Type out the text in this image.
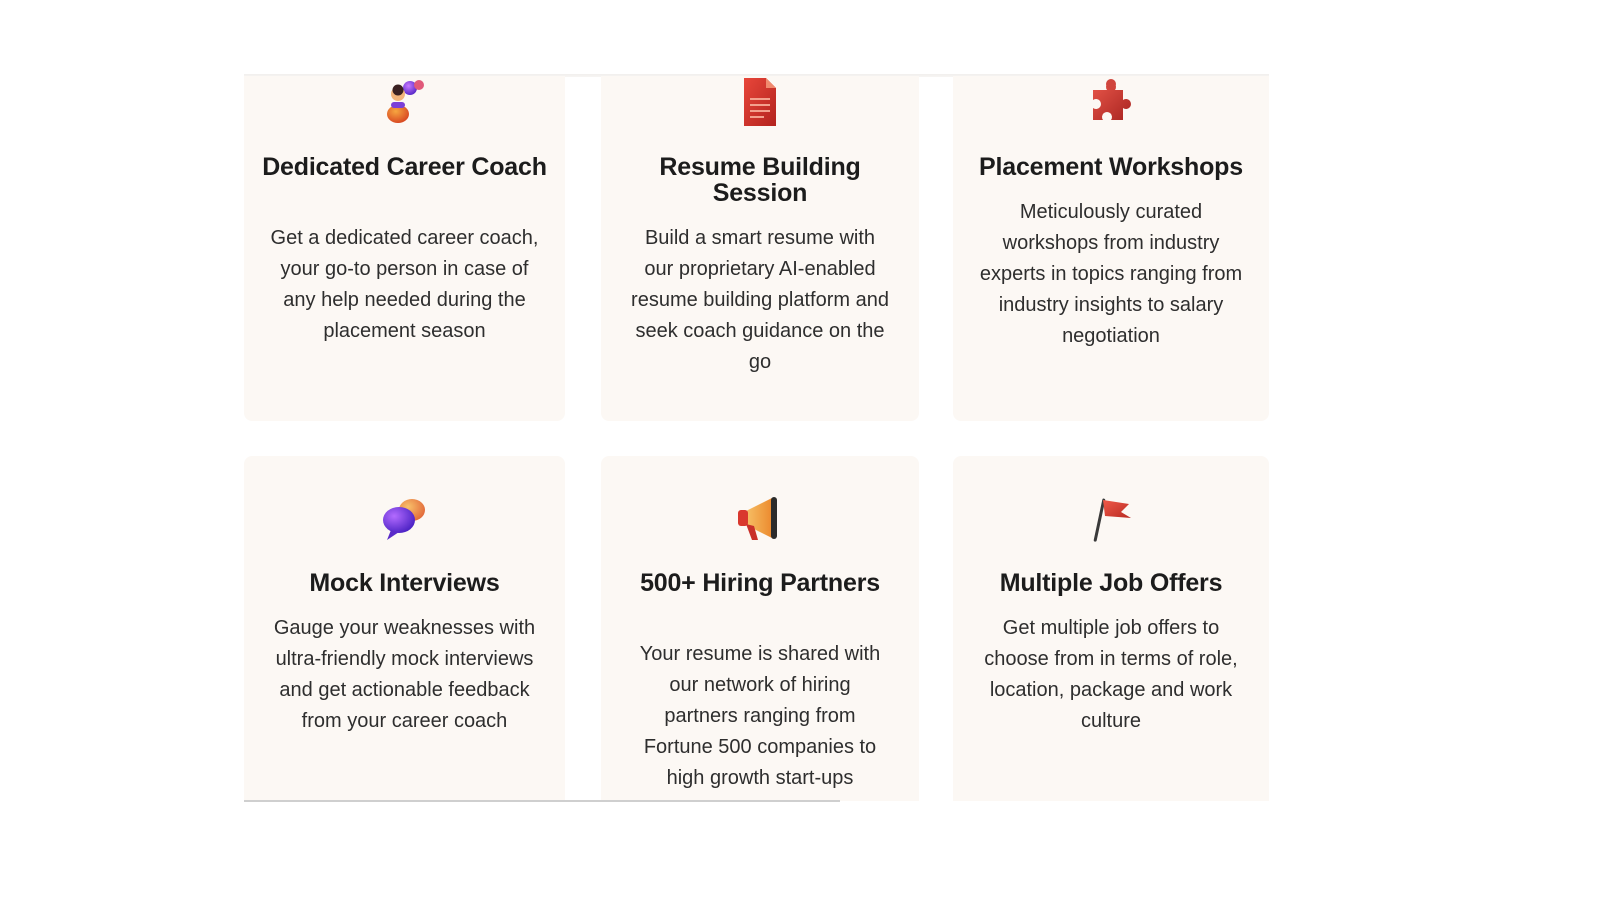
Dedicated Career Coach
Get a dedicated career coach, your go-to person in case of any help needed during the placement season
Resume Building Session
Build a smart resume with our proprietary AI-enabled resume building platform and seek coach guidance on the go
Placement Workshops
Meticulously curated workshops from industry experts in topics ranging from industry insights to salary negotiation
Mock Interviews
Gauge your weaknesses with ultra-friendly mock interviews and get actionable feedback from your career coach
500+ Hiring Partners
Your resume is shared with our network of hiring partners ranging from Fortune 500 companies to high growth start-ups
Multiple Job Offers
Get multiple job offers to choose from in terms of role, location, package and work culture
